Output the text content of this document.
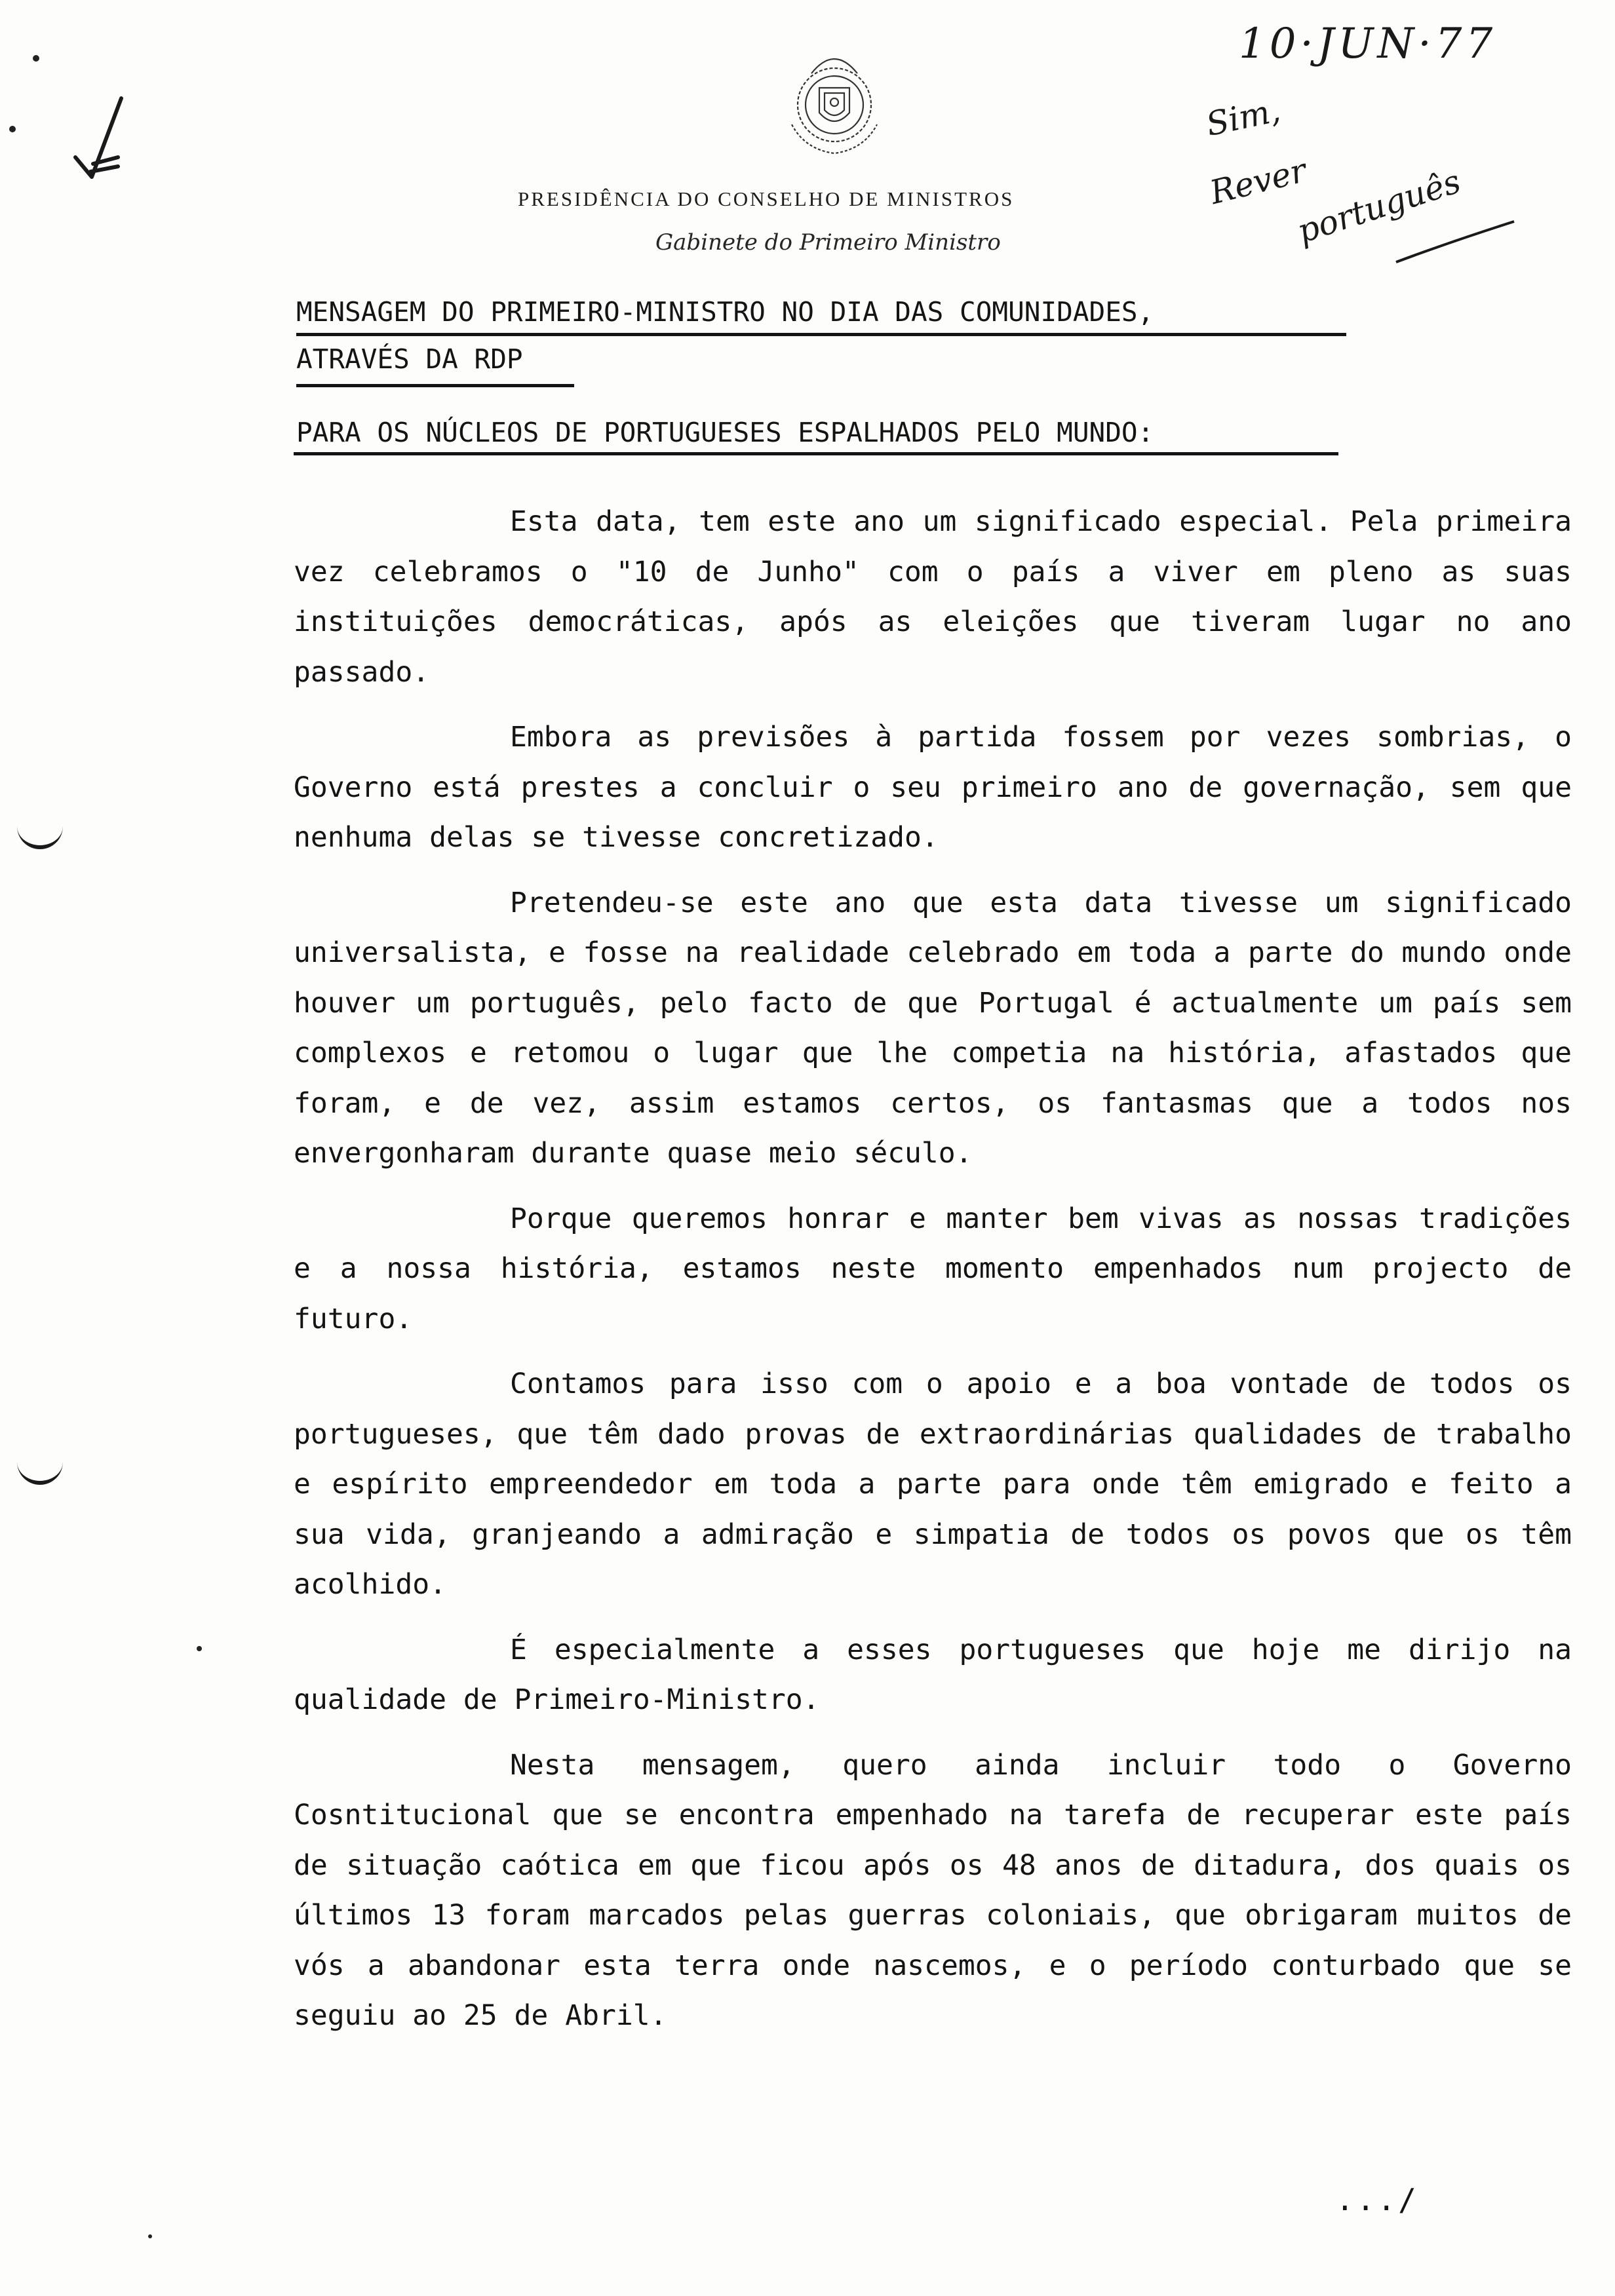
PRESIDÊNCIA DO CONSELHO DE MINISTROS
Gabinete do Primeiro Ministro
10·JUN·77
Sim,
Rever
português
MENSAGEM DO PRIMEIRO-MINISTRO NO DIA DAS COMUNIDADES,
ATRAVÉS DA RDP
PARA OS NÚCLEOS DE PORTUGUESES ESPALHADOS PELO MUNDO:

Esta data, tem este ano um significado especial. Pela primeira vez celebramos o "10 de Junho" com o país a viver em pleno as suas instituições democráticas, após as eleições que tiveram lugar no ano passado.

Embora as previsões à partida fossem por vezes sombrias, o Governo está prestes a concluir o seu primeiro ano de governação, sem que nenhuma delas se tivesse concretizado.

Pretendeu-se este ano que esta data tivesse um significado universalista, e fosse na realidade celebrado em toda a parte do mundo onde houver um português, pelo facto de que Portugal é actualmente um país sem complexos e retomou o lugar que lhe competia na história, afastados que foram, e de vez, assim estamos certos, os fantasmas que a todos nos envergonharam durante quase meio século.

Porque queremos honrar e manter bem vivas as nossas tradições e a nossa história, estamos neste momento empenhados num projecto de futuro.

Contamos para isso com o apoio e a boa vontade de todos os portugueses, que têm dado provas de extraordinárias qualidades de trabalho e espírito empreendedor em toda a parte para onde têm emigrado e feito a sua vida, granjeando a admiração e simpatia de todos os povos que os têm acolhido.

É especialmente a esses portugueses que hoje me dirijo na qualidade de Primeiro-Ministro.

Nesta mensagem, quero ainda incluir todo o Governo Cosntitucional que se encontra empenhado na tarefa de recuperar este país de situação caótica em que ficou após os 48 anos de ditadura, dos quais os últimos 13 foram marcados pelas guerras coloniais, que obrigaram muitos de vós a abandonar esta terra onde nascemos, e o período conturbado que se seguiu ao 25 de Abril.

.../
